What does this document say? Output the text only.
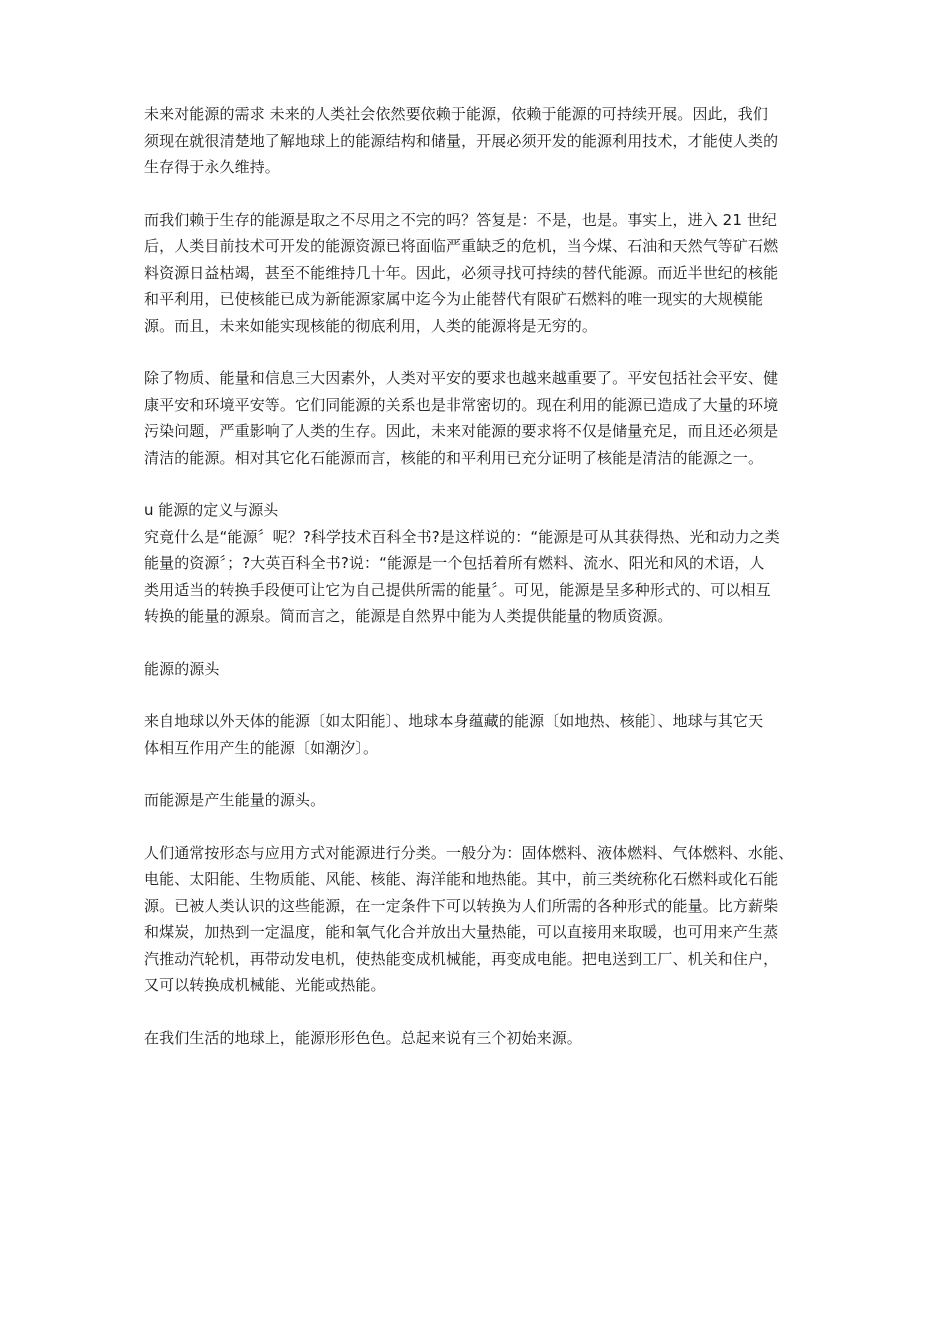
未来对能源的需求 未来的人类社会依然要依赖于能源，依赖于能源的可持续开展。因此，我们
须现在就很清楚地了解地球上的能源结构和储量，开展必须开发的能源利用技术，才能使人类的
生存得于永久维持。

而我们赖于生存的能源是取之不尽用之不完的吗？答复是：不是，也是。事实上，进入 21 世纪
后，人类目前技术可开发的能源资源已将面临严重缺乏的危机，当今煤、石油和天然气等矿石燃
料资源日益枯竭，甚至不能维持几十年。因此，必须寻找可持续的替代能源。而近半世纪的核能
和平利用，已使核能已成为新能源家属中迄今为止能替代有限矿石燃料的唯一现实的大规模能
源。而且，未来如能实现核能的彻底利用，人类的能源将是无穷的。

除了物质、能量和信息三大因素外，人类对平安的要求也越来越重要了。平安包括社会平安、健
康平安和环境平安等。它们同能源的关系也是非常密切的。现在利用的能源已造成了大量的环境
污染问题，严重影响了人类的生存。因此，未来对能源的要求将不仅是储量充足，而且还必须是
清洁的能源。相对其它化石能源而言，核能的和平利用已充分证明了核能是清洁的能源之一。

u 能源的定义与源头

究竟什么是“能源〞呢？?科学技术百科全书?是这样说的：“能源是可从其获得热、光和动力之类
能量的资源〞；?大英百科全书?说：“能源是一个包括着所有燃料、流水、阳光和风的术语，人
类用适当的转换手段便可让它为自己提供所需的能量〞。可见，能源是呈多种形式的、可以相互
转换的能量的源泉。简而言之，能源是自然界中能为人类提供能量的物质资源。

能源的源头

来自地球以外天体的能源〔如太阳能〕、地球本身蕴藏的能源〔如地热、核能〕、地球与其它天
体相互作用产生的能源〔如潮汐〕。

而能源是产生能量的源头。

人们通常按形态与应用方式对能源进行分类。一般分为：固体燃料、液体燃料、气体燃料、水能、
电能、太阳能、生物质能、风能、核能、海洋能和地热能。其中，前三类统称化石燃料或化石能
源。已被人类认识的这些能源，在一定条件下可以转换为人们所需的各种形式的能量。比方薪柴
和煤炭，加热到一定温度，能和氧气化合并放出大量热能，可以直接用来取暖，也可用来产生蒸
汽推动汽轮机，再带动发电机，使热能变成机械能，再变成电能。把电送到工厂、机关和住户，
又可以转换成机械能、光能或热能。

在我们生活的地球上，能源形形色色。总起来说有三个初始来源。
